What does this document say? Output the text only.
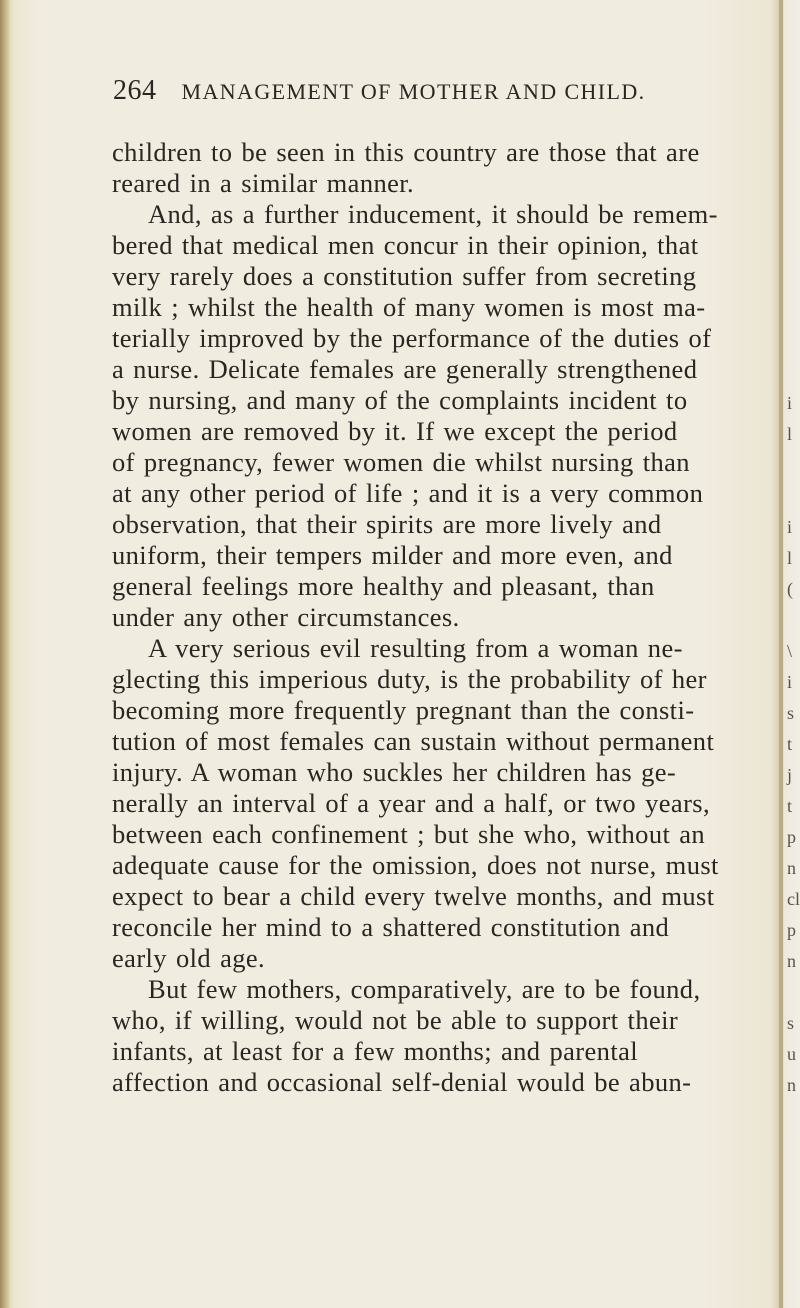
264 MANAGEMENT OF MOTHER AND CHILD.
children to be seen in this country are those that are
reared in a similar manner.
And, as a further inducement, it should be remem-
bered that medical men concur in their opinion, that
very rarely does a constitution suffer from secreting
milk ; whilst the health of many women is most ma-
terially improved by the performance of the duties of
a nurse. Delicate females are generally strengthened
by nursing, and many of the complaints incident to
women are removed by it. If we except the period
of pregnancy, fewer women die whilst nursing than
at any other period of life ; and it is a very common
observation, that their spirits are more lively and
uniform, their tempers milder and more even, and
general feelings more healthy and pleasant, than
under any other circumstances.
A very serious evil resulting from a woman ne-
glecting this imperious duty, is the probability of her
becoming more frequently pregnant than the consti-
tution of most females can sustain without permanent
injury. A woman who suckles her children has ge-
nerally an interval of a year and a half, or two years,
between each confinement ; but she who, without an
adequate cause for the omission, does not nurse, must
expect to bear a child every twelve months, and must
reconcile her mind to a shattered constitution and
early old age.
But few mothers, comparatively, are to be found,
who, if willing, would not be able to support their
infants, at least for a few months; and parental
affection and occasional self-denial would be abun-
i
l
i
l
(
\
i
s
t
j
t
p
n
cl
p
n
s
u
n
